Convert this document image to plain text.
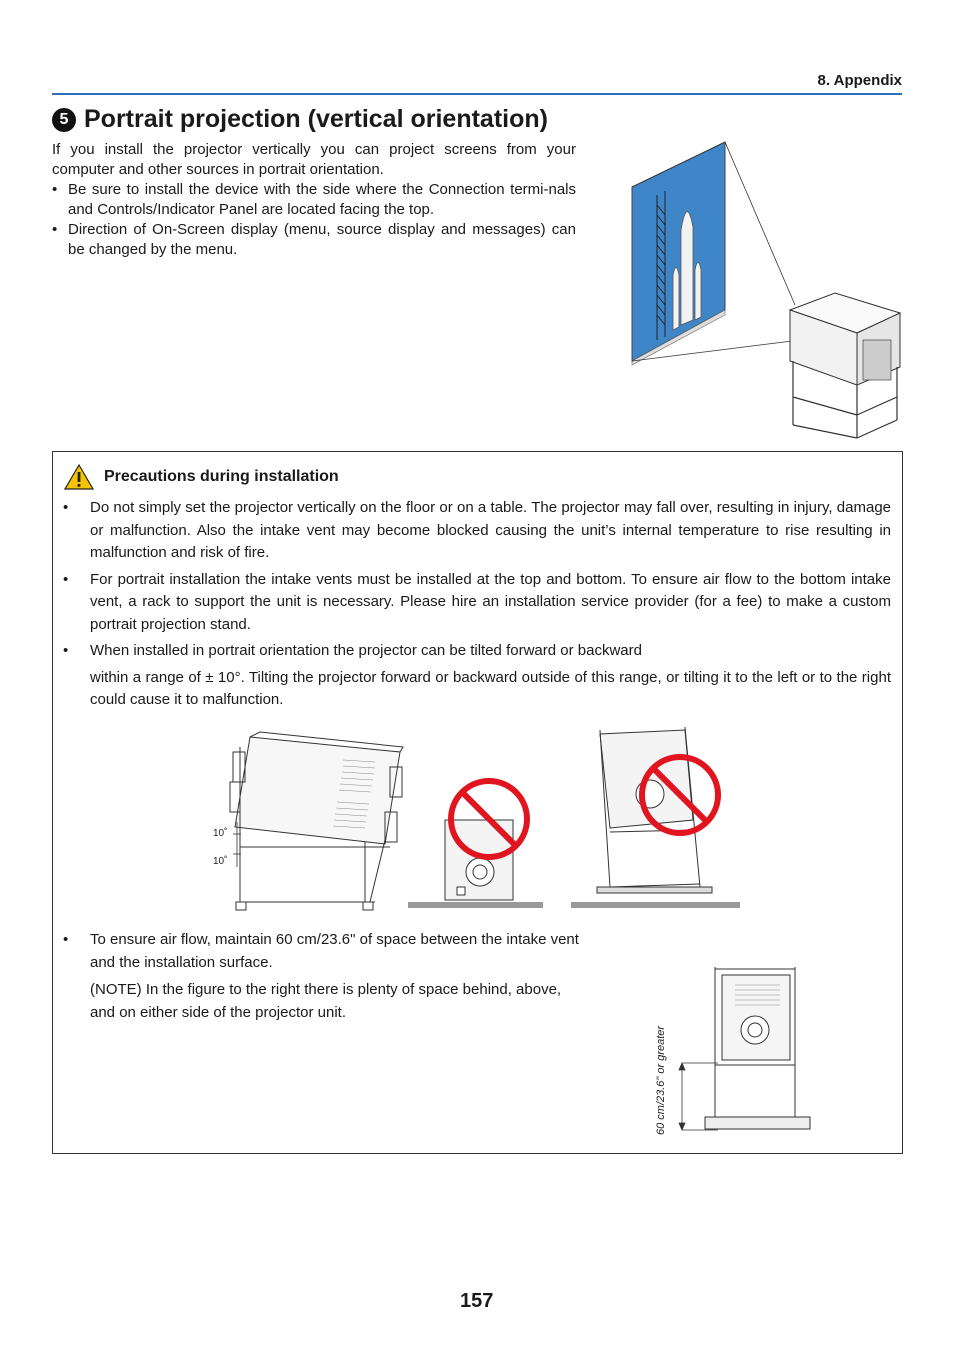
8. Appendix
5 Portrait projection (vertical orientation)

If you install the projector vertically you can project screens from your computer and other sources in portrait orientation.

• Be sure to install the device with the side where the Connection termi-nals and Controls/Indicator Panel are located facing the top.
• Direction of On-Screen display (menu, source display and messages) can be changed by the menu.
Precautions during installation
• Do not simply set the projector vertically on the floor or on a table. The projector may fall over, resulting in injury, damage or malfunction. Also the intake vent may become blocked causing the unit’s internal temperature to rise resulting in malfunction and risk of fire.
• For portrait installation the intake vents must be installed at the top and bottom. To ensure air flow to the bottom intake vent, a rack to support the unit is necessary. Please hire an installation service provider (for a fee) to make a custom portrait projection stand.
• When installed in portrait orientation the projector can be tilted forward or backward
within a range of ± 10°. Tilting the projector forward or backward outside of this range, or tilting it to the left or to the right could cause it to malfunction.
10˚
10˚
• To ensure air flow, maintain 60 cm/23.6" of space between the intake vent and the installation surface.
(NOTE) In the figure to the right there is plenty of space behind, above, and on either side of the projector unit.
60 cm/23.6" or greater
157
